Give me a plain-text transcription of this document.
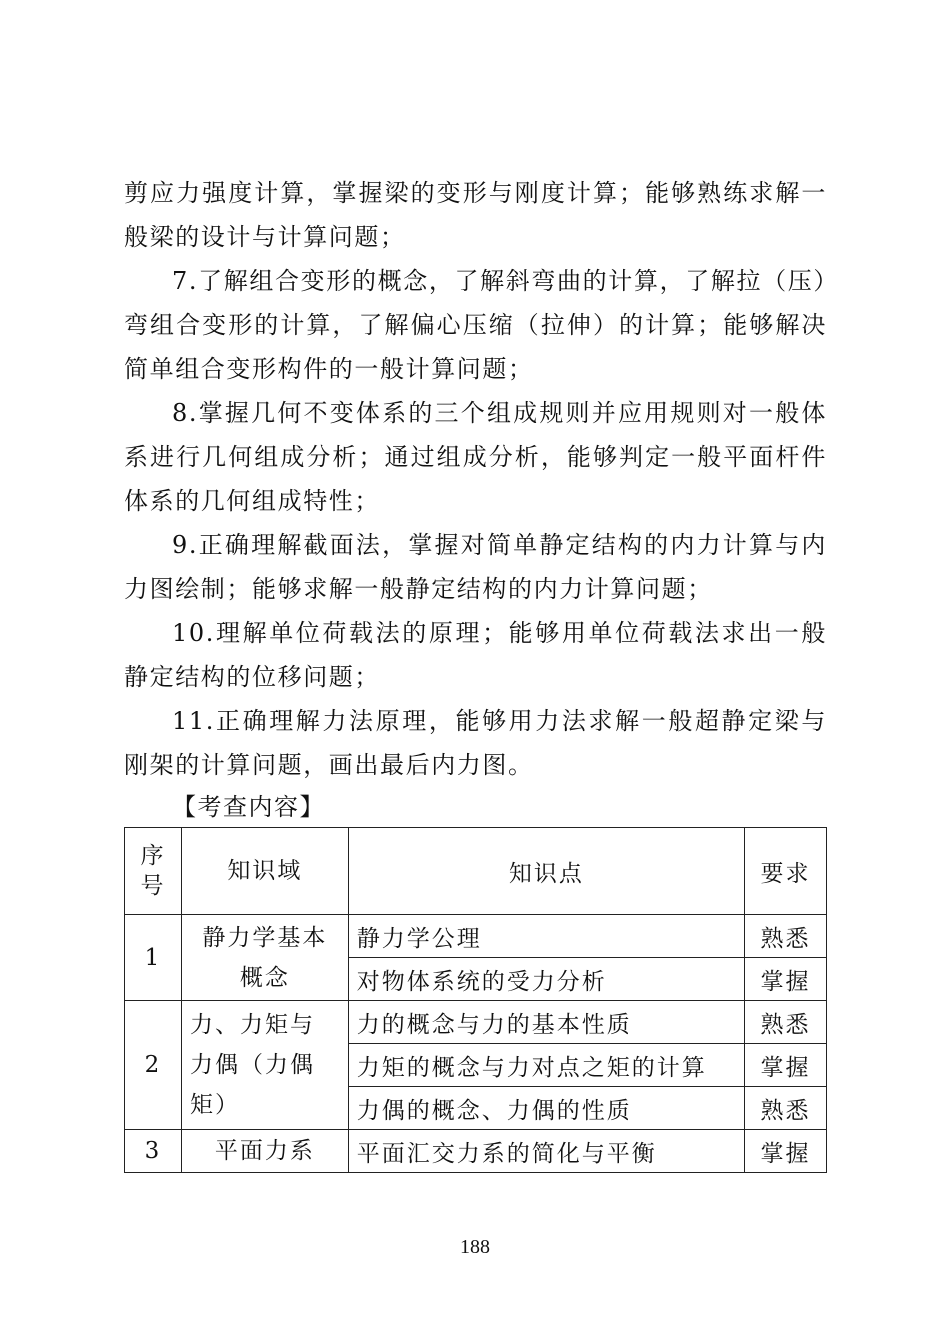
剪应力强度计算，掌握梁的变形与刚度计算；能够熟练求解一般梁的设计与计算问题；

7.了解组合变形的概念，了解斜弯曲的计算，了解拉（压）弯组合变形的计算，了解偏心压缩（拉伸）的计算；能够解决简单组合变形构件的一般计算问题；

8.掌握几何不变体系的三个组成规则并应用规则对一般体系进行几何组成分析；通过组成分析，能够判定一般平面杆件体系的几何组成特性；

9.正确理解截面法，掌握对简单静定结构的内力计算与内力图绘制；能够求解一般静定结构的内力计算问题；

10.理解单位荷载法的原理；能够用单位荷载法求出一般静定结构的位移问题；

11.正确理解力法原理，能够用力法求解一般超静定梁与刚架的计算问题，画出最后内力图。

【考查内容】

序
号	知识域	知识点	要求
1	静力学基本概念	静力学公理	熟悉
		对物体系统的受力分析	掌握
2	力、力矩与力偶（力偶矩）	力的概念与力的基本性质	熟悉
		力矩的概念与力对点之矩的计算	掌握
		力偶的概念、力偶的性质	熟悉
3	平面力系	平面汇交力系的简化与平衡	掌握
188
